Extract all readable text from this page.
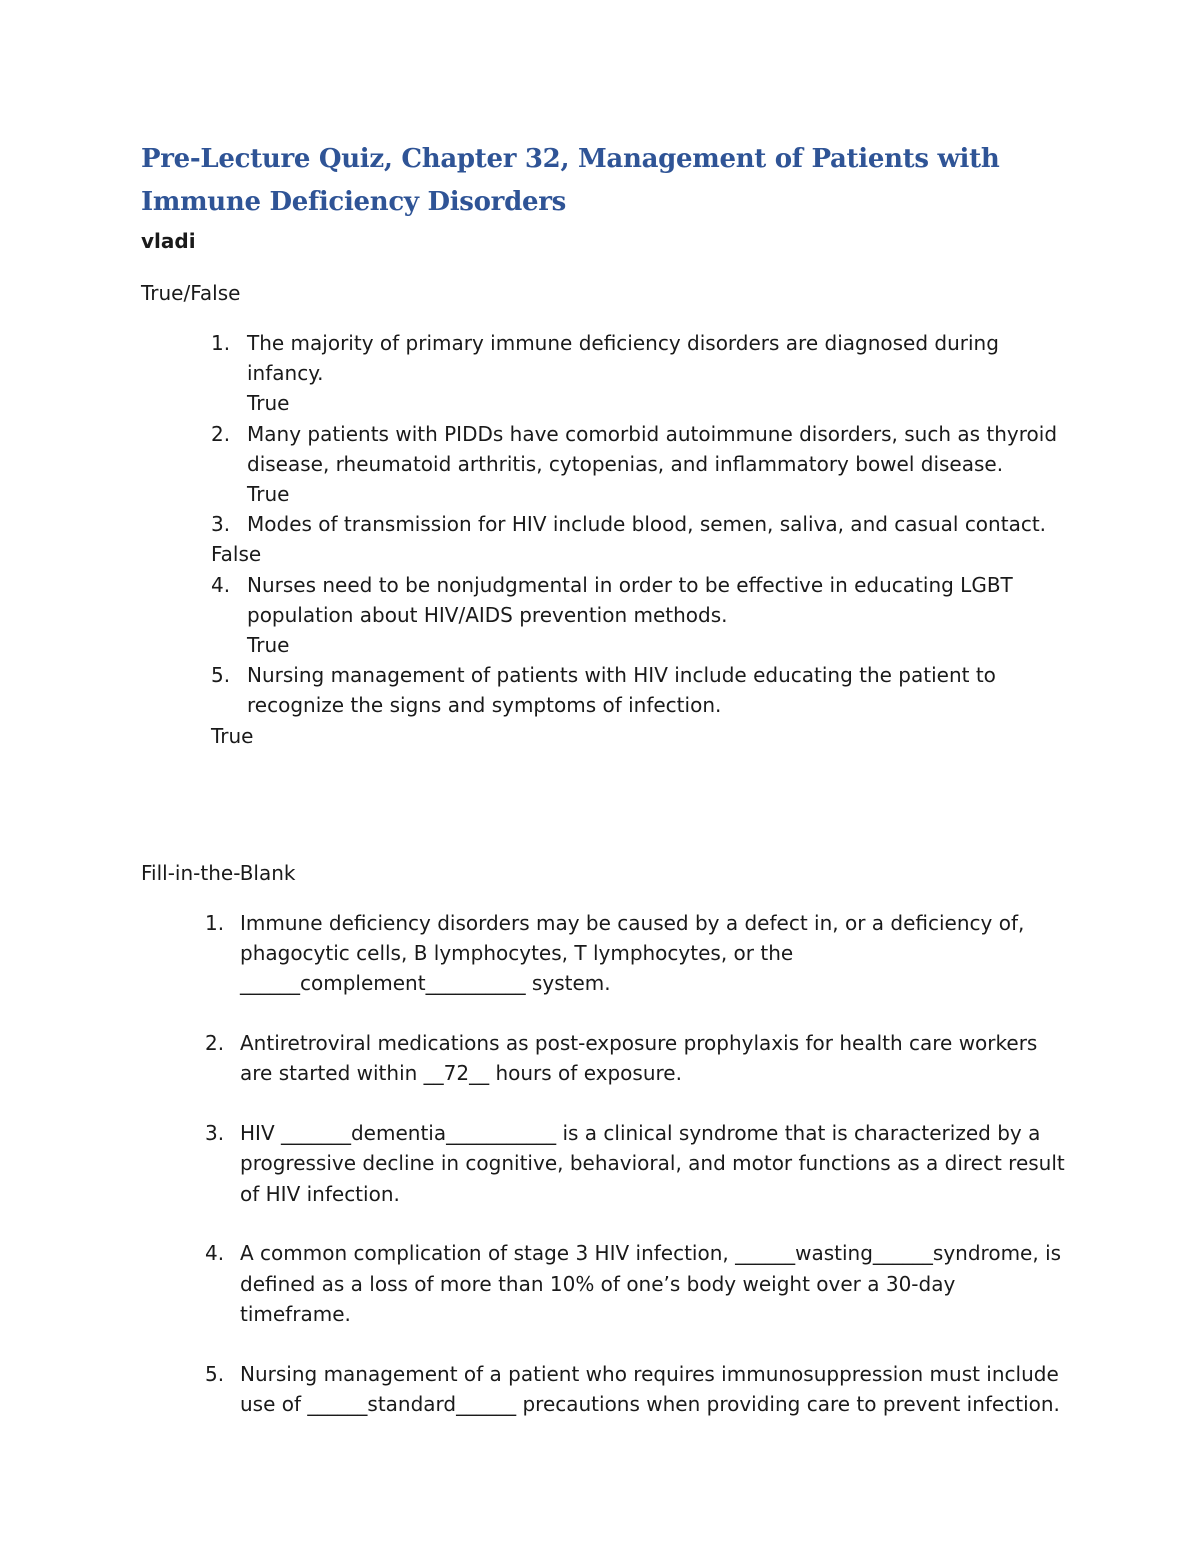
Pre-Lecture Quiz, Chapter 32, Management of Patients with Immune Deficiency Disorders

vladi

True/False

1. The majority of primary immune deficiency disorders are diagnosed during infancy.
True
2. Many patients with PIDDs have comorbid autoimmune disorders, such as thyroid disease, rheumatoid arthritis, cytopenias, and inflammatory bowel disease.
True
3. Modes of transmission for HIV include blood, semen, saliva, and casual contact.
False
4. Nurses need to be nonjudgmental in order to be effective in educating LGBT population about HIV/AIDS prevention methods.
True
5. Nursing management of patients with HIV include educating the patient to recognize the signs and symptoms of infection.
True

Fill-in-the-Blank

1. Immune deficiency disorders may be caused by a defect in, or a deficiency of, phagocytic cells, B lymphocytes, T lymphocytes, or the ______complement__________ system.
2. Antiretroviral medications as post-exposure prophylaxis for health care workers are started within __72__ hours of exposure.
3. HIV _______dementia___________ is a clinical syndrome that is characterized by a progressive decline in cognitive, behavioral, and motor functions as a direct result of HIV infection.
4. A common complication of stage 3 HIV infection, ______wasting______syndrome, is defined as a loss of more than 10% of one’s body weight over a 30-day timeframe.
5. Nursing management of a patient who requires immunosuppression must include use of ______standard______ precautions when providing care to prevent infection.
